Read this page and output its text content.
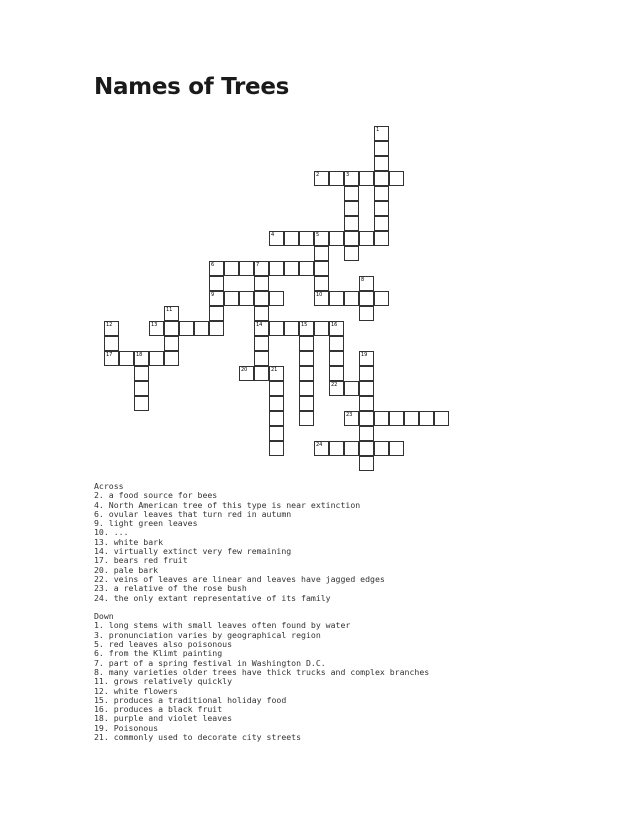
Names of Trees
2	3
4	5
6	7
9	10
13	14	15	16
17	18
20	21
22
23
24
1
8
11
12
19
Across
2. a food source for bees
4. North American tree of this type is near extinction
6. ovular leaves that turn red in autumn
9. light green leaves
10. ...
13. white bark
14. virtually extinct very few remaining
17. bears red fruit
20. pale bark
22. veins of leaves are linear and leaves have jagged edges
23. a relative of the rose bush
24. the only extant representative of its family
Down
1. long stems with small leaves often found by water
3. pronunciation varies by geographical region
5. red leaves also poisonous
6. from the Klimt painting
7. part of a spring festival in Washington D.C.
8. many varieties older trees have thick trucks and complex branches
11. grows relatively quickly
12. white flowers
15. produces a traditional holiday food
16. produces a black fruit
18. purple and violet leaves
19. Poisonous
21. commonly used to decorate city streets
